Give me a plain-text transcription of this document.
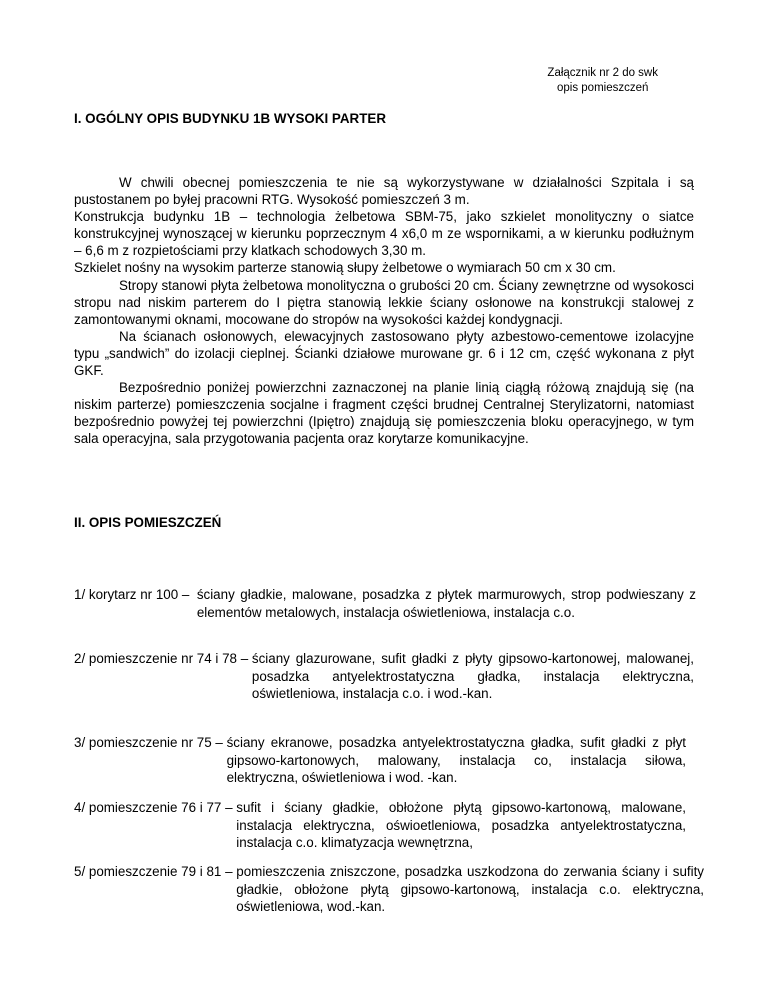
Załącznik nr 2 do swk
opis pomieszczeń
I. OGÓLNY OPIS BUDYNKU 1B WYSOKI PARTER

W chwili obecnej pomieszczenia te nie są wykorzystywane w działalności Szpitala i są pustostanem po byłej pracowni RTG. Wysokość pomieszczeń 3 m.

Konstrukcja budynku 1B – technologia żelbetowa SBM-75, jako szkielet monolityczny o siatce konstrukcyjnej wynoszącej w kierunku poprzecznym 4 x6,0 m ze wspornikami, a w kierunku podłużnym – 6,6 m z rozpietościami przy klatkach schodowych 3,30 m.

Szkielet nośny na wysokim parterze stanowią słupy żelbetowe o wymiarach 50 cm x 30 cm.

Stropy stanowi płyta żelbetowa monolityczna o grubości 20 cm. Ściany zewnętrzne od wysokosci stropu nad niskim parterem do I piętra stanowią lekkie ściany osłonowe na konstrukcji stalowej z zamontowanymi oknami, mocowane do stropów na wysokości każdej kondygnacji.

Na ścianach osłonowych, elewacyjnych zastosowano płyty azbestowo-cementowe izolacyjne typu „sandwich” do izolacji cieplnej. Ścianki działowe murowane gr. 6 i 12 cm, część wykonana z płyt GKF.

Bezpośrednio poniżej powierzchni zaznaczonej na planie linią ciągłą różową znajdują się (na niskim parterze) pomieszczenia socjalne i fragment części brudnej Centralnej Sterylizatorni, natomiast bezpośrednio powyżej tej powierzchni (Ipiętro) znajdują się pomieszczenia bloku operacyjnego, w tym sala operacyjna, sala przygotowania pacjenta oraz korytarze komunikacyjne.

II. OPIS POMIESZCZEŃ
1/ korytarz nr 100 – ściany gładkie, malowane, posadzka z płytek marmurowych, strop podwieszany z elementów metalowych, instalacja oświetleniowa, instalacja c.o.
2/ pomieszczenie nr 74 i 78 – ściany glazurowane, sufit gładki z płyty gipsowo-kartonowej, malowanej, posadzka antyelektrostatyczna gładka, instalacja elektryczna, oświetleniowa, instalacja c.o. i wod.-kan.
3/ pomieszczenie nr 75 – ściany ekranowe, posadzka antyelektrostatyczna gładka, sufit gładki z płyt gipsowo-kartonowych, malowany, instalacja co, instalacja siłowa, elektryczna, oświetleniowa i wod. -kan.
4/ pomieszczenie 76 i 77 – sufit i ściany gładkie, obłożone płytą gipsowo-kartonową, malowane, instalacja elektryczna, oświoetleniowa, posadzka antyelektrostatyczna, instalacja c.o. klimatyzacja wewnętrzna,
5/ pomieszczenie 79 i 81 – pomieszczenia zniszczone, posadzka uszkodzona do zerwania ściany i sufity gładkie, obłożone płytą gipsowo-kartonową, instalacja c.o. elektryczna, oświetleniowa, wod.-kan.
